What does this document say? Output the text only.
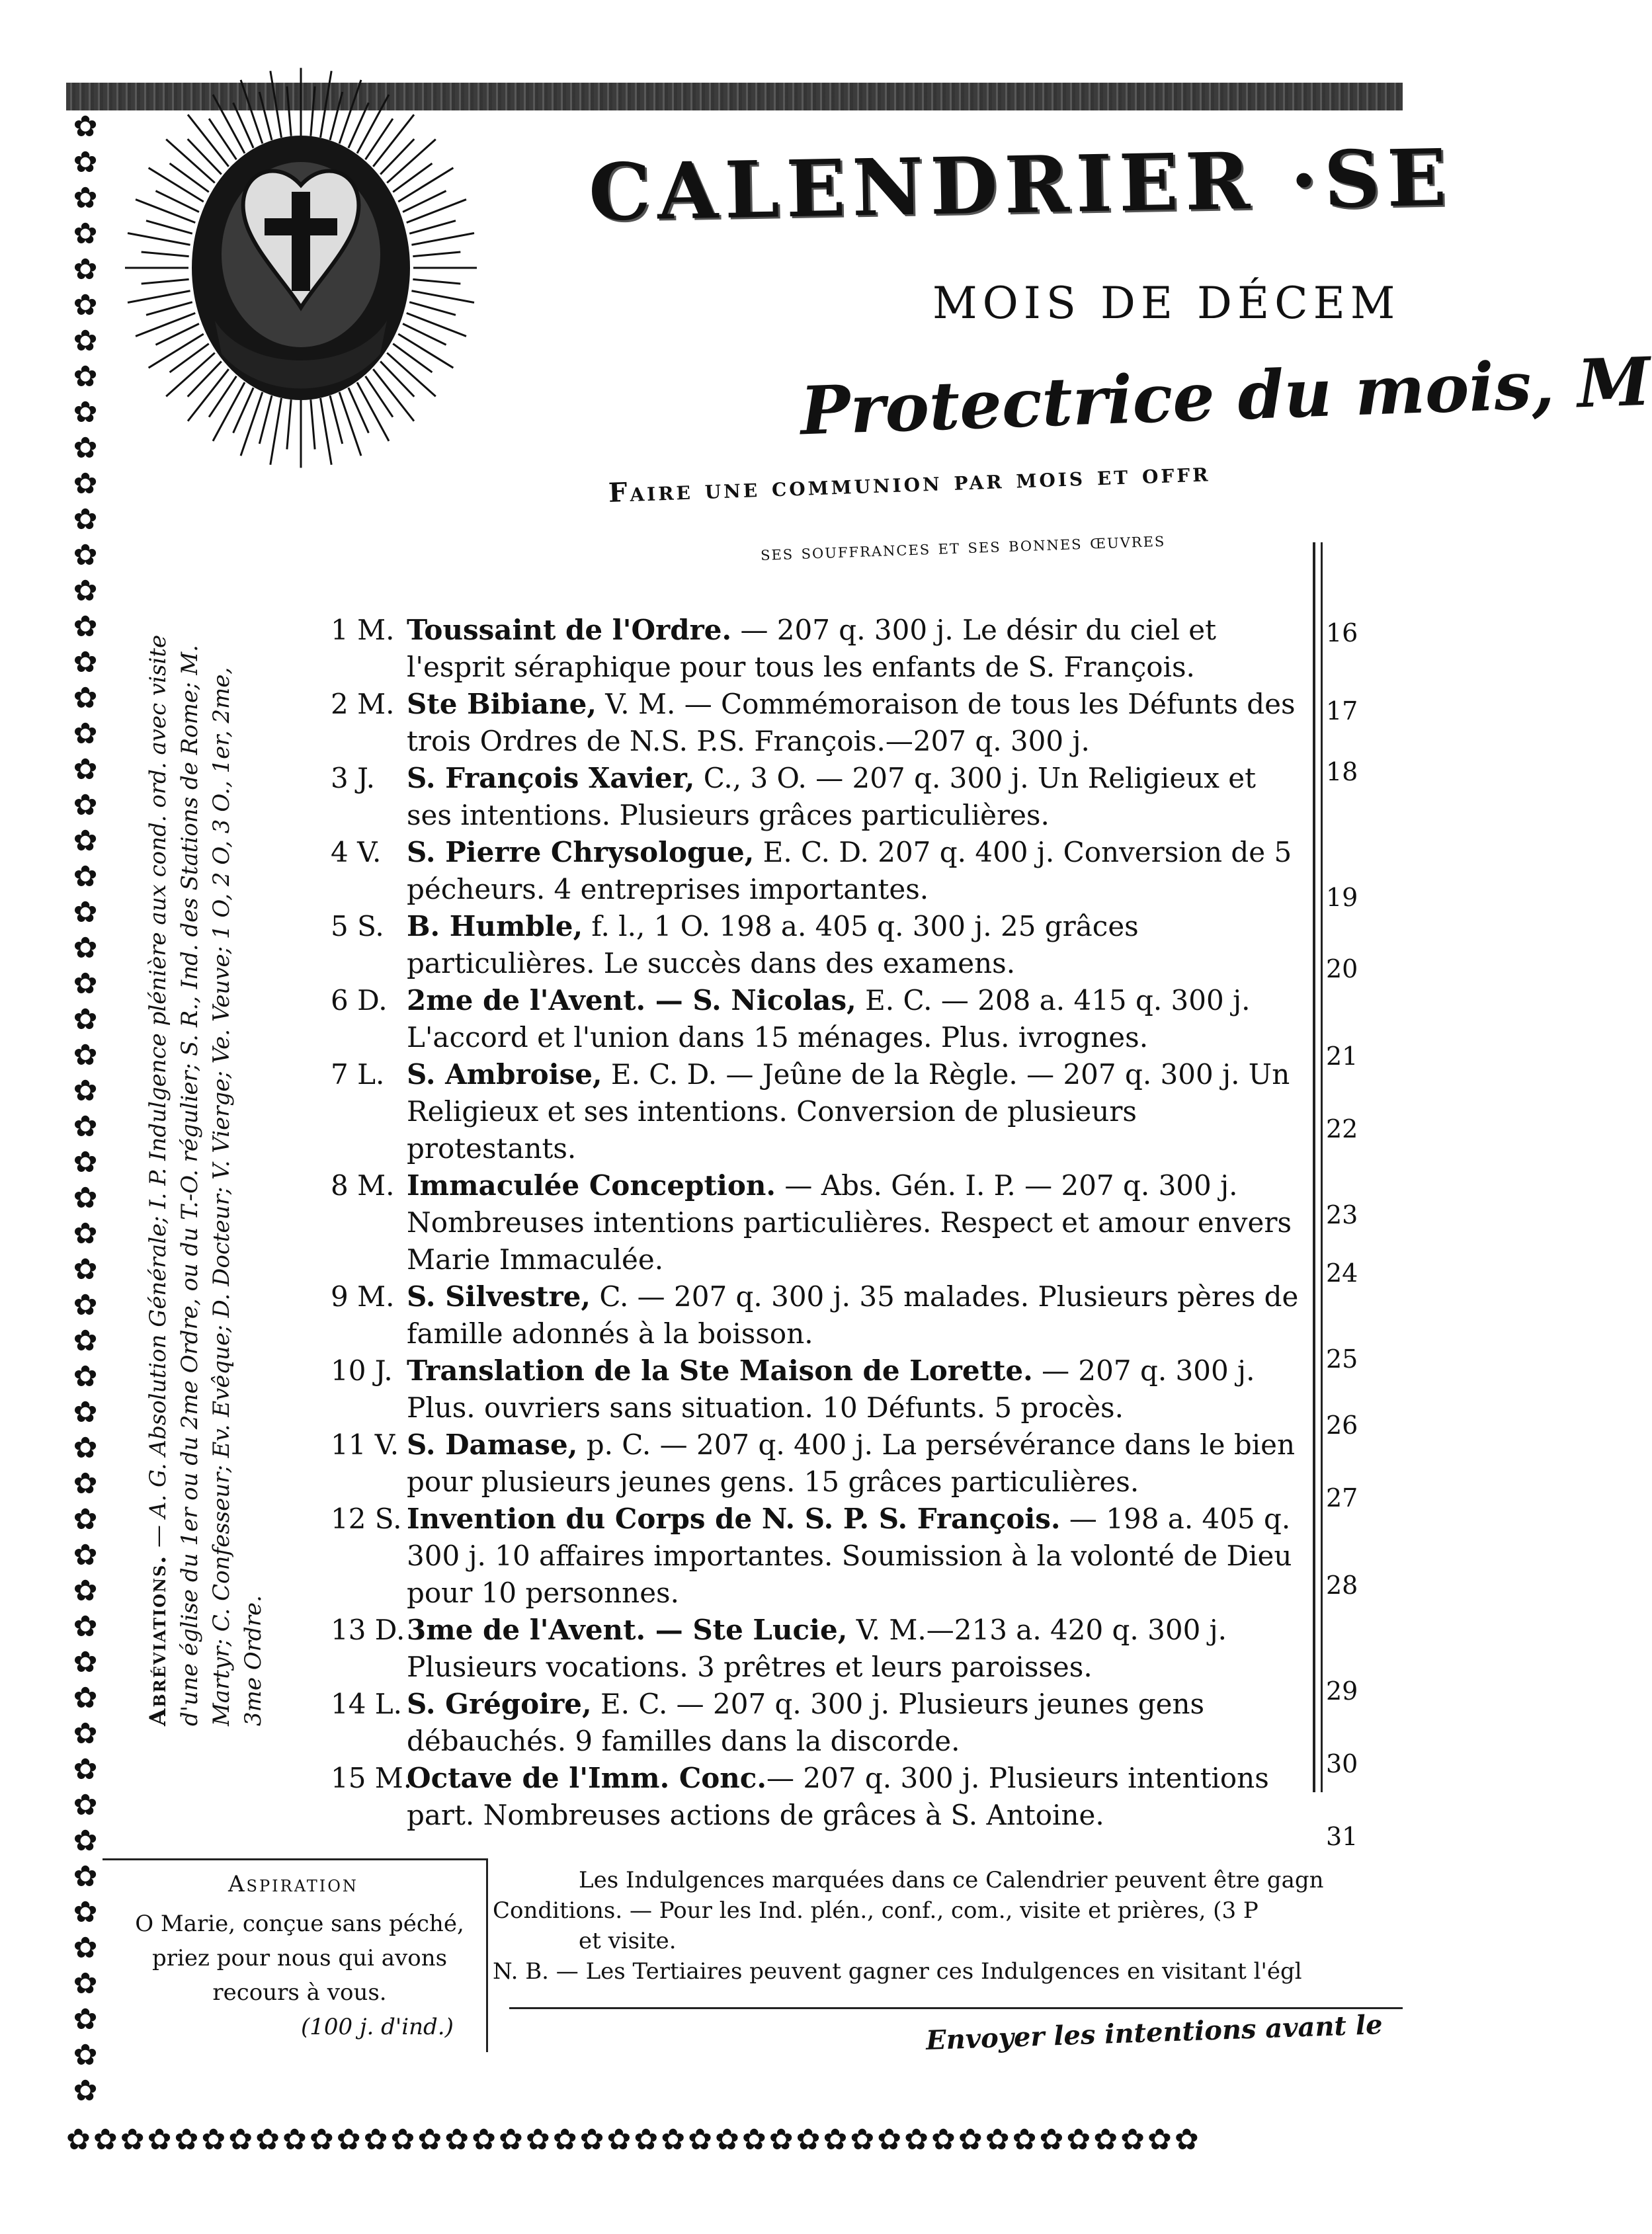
✿
✿
✿
✿
✿
✿
✿
✿
✿
✿
✿
✿
✿
✿
✿
✿
✿
✿
✿
✿
✿
✿
✿
✿
✿
✿
✿
✿
✿
✿
✿
✿
✿
✿
✿
✿
✿
✿
✿
✿
✿
✿
✿
✿
✿
✿
✿
✿
✿
✿
✿
✿
✿
✿
✿
✿
✿ ✿ ✿ ✿ ✿ ✿ ✿ ✿ ✿ ✿ ✿ ✿ ✿ ✿ ✿ ✿ ✿ ✿ ✿ ✿ ✿ ✿ ✿ ✿ ✿ ✿ ✿ ✿ ✿ ✿ ✿ ✿ ✿ ✿ ✿ ✿ ✿ ✿ ✿ ✿ ✿ ✿
CALENDRIER ·SE
MOIS DE DÉCEM
Protectrice du mois, M
Faire une communion par mois et offr
ses souffrances et ses bonnes œuvres
Abréviations. — A. G. Absolution Générale; I. P. Indulgence plénière aux cond. ord. avec visite d'une église du 1er ou du 2me Ordre, ou du T.-O. régulier; S. R., Ind. des Stations de Rome; M. Martyr; C. Confesseur; Ev. Evêque; D. Docteur; V. Vierge; Ve. Veuve; 1 O, 2 O, 3 O., 1er, 2me, 3me Ordre.
1 M. Toussaint de l'Ordre. — 207 q. 300 j. Le désir du ciel et l'esprit séraphique pour tous les enfants de S. François.
2 M. Ste Bibiane, V. M. — Commémoraison de tous les Défunts des trois Ordres de N.S. P.S. François.—207 q. 300 j.
3 J.	S. François Xavier, C., 3 O. — 207 q. 300 j. Un Religieux et ses intentions. Plusieurs grâces particulières.
4 V. S. Pierre Chrysologue, E. C. D. 207 q. 400 j. Conversion de 5 pécheurs. 4 entreprises importantes.
5 S. B. Humble, f. l., 1 O. 198 a. 405 q. 300 j. 25 grâces particulières. Le succès dans des examens.
6 D. 2me de l'Avent. — S. Nicolas, E. C. — 208 a. 415 q. 300 j. L'accord et l'union dans 15 ménages. Plus. ivrognes.
7 L. S. Ambroise, E. C. D. — Jeûne de la Règle. — 207 q. 300 j. Un Religieux et ses intentions. Conversion de plusieurs protestants.
8 M. Immaculée Conception. — Abs. Gén. I. P. — 207 q. 300 j. Nombreuses intentions particulières. Respect et amour envers Marie Immaculée.
9 M. S. Silvestre, C. — 207 q. 300 j. 35 malades. Plusieurs pères de famille adonnés à la boisson.
10 J. Translation de la Ste Maison de Lorette. — 207 q. 300 j. Plus. ouvriers sans situation. 10 Défunts. 5 procès.
11 V. S. Damase, p. C. — 207 q. 400 j. La persévérance dans le bien pour plusieurs jeunes gens. 15 grâces particulières.
12 S. Invention du Corps de N. S. P. S. François. — 198 a. 405 q. 300 j. 10 affaires importantes. Soumission à la volonté de Dieu pour 10 personnes.
13 D. 3me de l'Avent. — Ste Lucie, V. M.—213 a. 420 q. 300 j. Plusieurs vocations. 3 prêtres et leurs paroisses.
14 L. S. Grégoire, E. C. — 207 q. 300 j. Plusieurs jeunes gens débauchés. 9 familles dans la discorde.
15 M.
Octave de l'Imm. Conc.— 207 q. 300 j. Plusieurs intentions part. Nombreuses actions de grâces à S. Antoine.
16
17
18
19
20
21
22
23
24
25
26
27
28
29
30
31
Aspiration
O Marie, conçue sans péché, priez pour nous qui avons recours à vous.
(100 j. d'ind.)

Les Indulgences marquées dans ce Calendrier peuvent être gagn

Conditions. — Pour les Ind. plén., conf., com., visite et prières, (3 P

et visite.

N. B. — Les Tertiaires peuvent gagner ces Indulgences en visitant l'égl

Envoyer les intentions avant le
